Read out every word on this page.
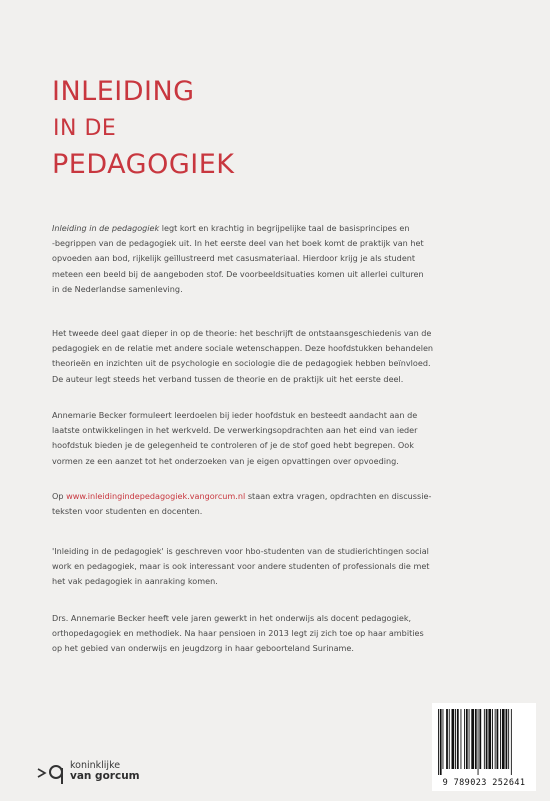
INLEIDING
IN DE
PEDAGOGIEK
Inleiding in de pedagogiek legt kort en krachtig in begrijpelijke taal de basisprincipes en
-begrippen van de pedagogiek uit. In het eerste deel van het boek komt de praktijk van het
opvoeden aan bod, rijkelijk geïllustreerd met casusmateriaal. Hierdoor krijg je als student
meteen een beeld bij de aangeboden stof. De voorbeeldsituaties komen uit allerlei culturen
in de Nederlandse samenleving.
Het tweede deel gaat dieper in op de theorie: het beschrijft de ontstaansgeschiedenis van de
pedagogiek en de relatie met andere sociale wetenschappen. Deze hoofdstukken behandelen
theorieën en inzichten uit de psychologie en sociologie die de pedagogiek hebben beïnvloed.
De auteur legt steeds het verband tussen de theorie en de praktijk uit het eerste deel.
Annemarie Becker formuleert leerdoelen bij ieder hoofdstuk en besteedt aandacht aan de
laatste ontwikkelingen in het werkveld. De verwerkingsopdrachten aan het eind van ieder
hoofdstuk bieden je de gelegenheid te controleren of je de stof goed hebt begrepen. Ook
vormen ze een aanzet tot het onderzoeken van je eigen opvattingen over opvoeding.
Op www.inleidingindepedagogiek.vangorcum.nl staan extra vragen, opdrachten en discussie-
teksten voor studenten en docenten.
'Inleiding in de pedagogiek' is geschreven voor hbo-studenten van de studierichtingen social
work en pedagogiek, maar is ook interessant voor andere studenten of professionals die met
het vak pedagogiek in aanraking komen.
Drs. Annemarie Becker heeft vele jaren gewerkt in het onderwijs als docent pedagogiek,
orthopedagogiek en methodiek. Na haar pensioen in 2013 legt zij zich toe op haar ambities
op het gebied van onderwijs en jeugdzorg in haar geboorteland Suriname.
koninklijke
van gorcum
9 789023 252641
